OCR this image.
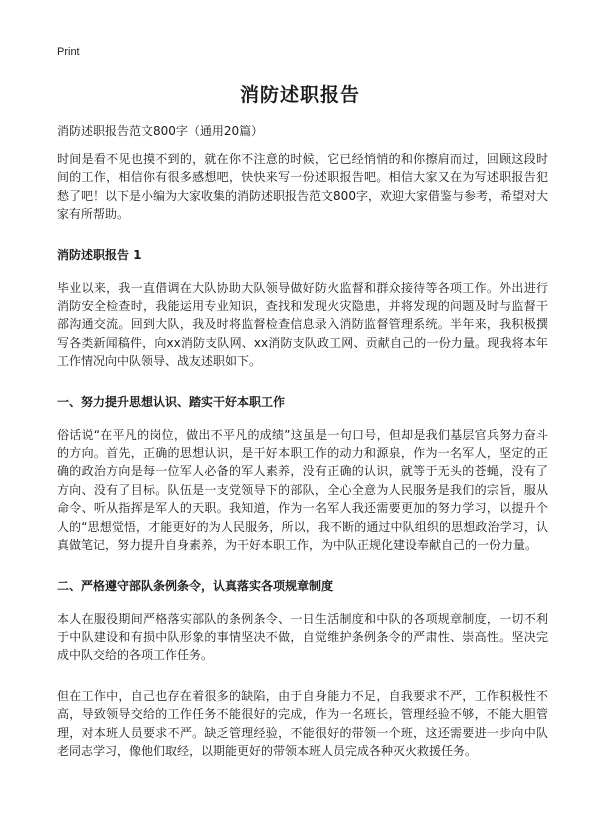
Print
消防述职报告
消防述职报告范文800字（通用20篇）

时间是看不见也摸不到的，就在你不注意的时候，它已经悄悄的和你擦肩而过，回顾这段时间的工作，相信你有很多感想吧，快快来写一份述职报告吧。相信大家又在为写述职报告犯愁了吧！以下是小编为大家收集的消防述职报告范文800字，欢迎大家借鉴与参考，希望对大家有所帮助。

消防述职报告 1

毕业以来，我一直借调在大队协助大队领导做好防火监督和群众接待等各项工作。外出进行消防安全检查时，我能运用专业知识，查找和发现火灾隐患，并将发现的问题及时与监督干部沟通交流。回到大队，我及时将监督检查信息录入消防监督管理系统。半年来，我积极撰写各类新闻稿件，向xx消防支队网、xx消防支队政工网、贡献自己的一份力量。现我将本年工作情况向中队领导、战友述职如下。

一、努力提升思想认识、踏实干好本职工作

俗话说“在平凡的岗位，做出不平凡的成绩”这虽是一句口号，但却是我们基层官兵努力奋斗的方向。首先，正确的思想认识，是干好本职工作的动力和源泉，作为一名军人，坚定的正确的政治方向是每一位军人必备的军人素养，没有正确的认识，就等于无头的苍蝇，没有了方向、没有了目标。队伍是一支党领导下的部队，全心全意为人民服务是我们的宗旨，服从命令、听从指挥是军人的天职。我知道，作为一名军人我还需要更加的努力学习，以提升个人的“思想觉悟，才能更好的为人民服务，所以，我不断的通过中队组织的思想政治学习，认真做笔记，努力提升自身素养，为干好本职工作，为中队正规化建设奉献自己的一份力量。

二、严格遵守部队条例条令，认真落实各项规章制度

本人在服役期间严格落实部队的条例条令、一日生活制度和中队的各项规章制度，一切不利于中队建设和有损中队形象的事情坚决不做，自觉维护条例条令的严肃性、崇高性。坚决完成中队交给的各项工作任务。

但在工作中，自己也存在着很多的缺陷，由于自身能力不足，自我要求不严，工作积极性不高，导致领导交给的工作任务不能很好的完成，作为一名班长，管理经验不够，不能大胆管理，对本班人员要求不严。缺乏管理经验，不能很好的带领一个班，这还需要进一步向中队老同志学习，像他们取经，以期能更好的带领本班人员完成各种灭火救援任务。
